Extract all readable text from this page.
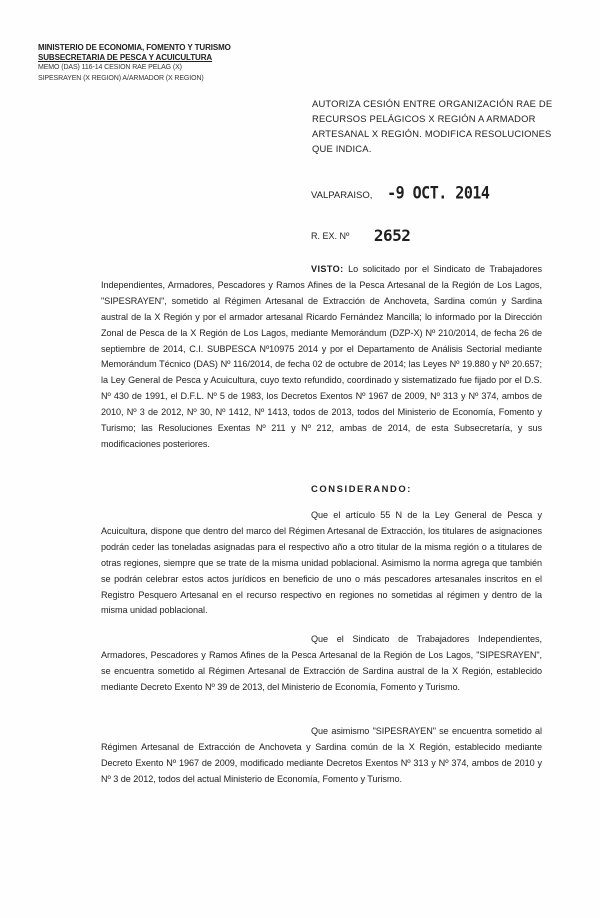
MINISTERIO DE ECONOMIA, FOMENTO Y TURISMO
SUBSECRETARIA DE PESCA Y ACUICULTURA
MEMO (DAS) 116-14 CESION RAE PELAG (X)
SIPESRAYEN (X REGION) A/ARMADOR (X REGION)
AUTORIZA CESIÓN ENTRE ORGANIZACIÓN RAE DE RECURSOS PELÁGICOS X REGIÓN A ARMADOR ARTESANAL X REGIÓN. MODIFICA RESOLUCIONES QUE INDICA.
VALPARAISO, -9 OCT. 2014
R. EX. Nº 2652
VISTO: Lo solicitado por el Sindicato de Trabajadores Independientes, Armadores, Pescadores y Ramos Afines de la Pesca Artesanal de la Región de Los Lagos, "SIPESRAYEN", sometido al Régimen Artesanal de Extracción de Anchoveta, Sardina común y Sardina austral de la X Región y por el armador artesanal Ricardo Fernández Mancilla; lo informado por la Dirección Zonal de Pesca de la X Región de Los Lagos, mediante Memorándum (DZP-X) Nº 210/2014, de fecha 26 de septiembre de 2014, C.I. SUBPESCA Nº10975 2014 y por el Departamento de Análisis Sectorial mediante Memorándum Técnico (DAS) Nº 116/2014, de fecha 02 de octubre de 2014; las Leyes Nº 19.880 y Nº 20.657; la Ley General de Pesca y Acuicultura, cuyo texto refundido, coordinado y sistematizado fue fijado por el D.S. Nº 430 de 1991, el D.F.L. Nº 5 de 1983, los Decretos Exentos Nº 1967 de 2009, Nº 313 y Nº 374, ambos de 2010, Nº 3 de 2012, Nº 30, Nº 1412, Nº 1413, todos de 2013, todos del Ministerio de Economía, Fomento y Turismo; las Resoluciones Exentas Nº 211 y Nº 212, ambas de 2014, de esta Subsecretaría, y sus modificaciones posteriores.
CONSIDERANDO:
Que el artículo 55 N de la Ley General de Pesca y Acuicultura, dispone que dentro del marco del Régimen Artesanal de Extracción, los titulares de asignaciones podrán ceder las toneladas asignadas para el respectivo año a otro titular de la misma región o a titulares de otras regiones, siempre que se trate de la misma unidad poblacional. Asimismo la norma agrega que también se podrán celebrar estos actos jurídicos en beneficio de uno o más pescadores artesanales inscritos en el Registro Pesquero Artesanal en el recurso respectivo en regiones no sometidas al régimen y dentro de la misma unidad poblacional.
Que el Sindicato de Trabajadores Independientes, Armadores, Pescadores y Ramos Afines de la Pesca Artesanal de la Región de Los Lagos, "SIPESRAYEN", se encuentra sometido al Régimen Artesanal de Extracción de Sardina austral de la X Región, establecido mediante Decreto Exento Nº 39 de 2013, del Ministerio de Economía, Fomento y Turismo.
Que asimismo "SIPESRAYEN" se encuentra sometido al Régimen Artesanal de Extracción de Anchoveta y Sardina común de la X Región, establecido mediante Decreto Exento Nº 1967 de 2009, modificado mediante Decretos Exentos Nº 313 y Nº 374, ambos de 2010 y Nº 3 de 2012, todos del actual Ministerio de Economía, Fomento y Turismo.
